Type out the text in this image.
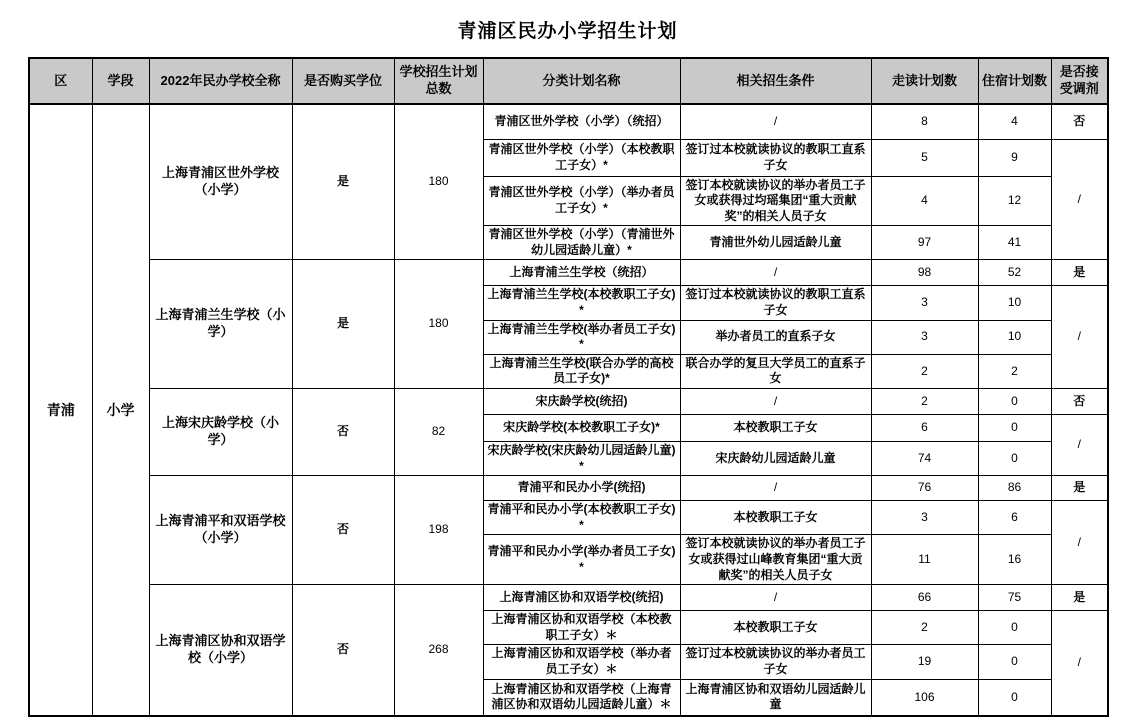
青浦区民办小学招生计划
区	学段	2022年民办学校全称	是否购买学位	学校招生计划总数	分类计划名称	相关招生条件	走读计划数	住宿计划数	是否接受调剂
青浦	小学	上海青浦区世外学校（小学）	是	180	青浦区世外学校（小学）（统招）	/	8	4	否
					青浦区世外学校（小学）（本校教职工子女）*	签订过本校就读协议的教职工直系子女	5	9	/
					青浦区世外学校（小学）（举办者员工子女）*	签订本校就读协议的举办者员工子女或获得过均瑶集团“重大贡献奖”的相关人员子女	4	12	
					青浦区世外学校（小学）（青浦世外幼儿园适龄儿童）*	青浦世外幼儿园适龄儿童	97	41	
		上海青浦兰生学校（小学）	是	180	上海青浦兰生学校（统招）	/	98	52	是
					上海青浦兰生学校(本校教职工子女)*	签订过本校就读协议的教职工直系子女	3	10	/
					上海青浦兰生学校(举办者员工子女)*	举办者员工的直系子女	3	10	
					上海青浦兰生学校(联合办学的高校员工子女)*	联合办学的复旦大学员工的直系子女	2	2	
		上海宋庆龄学校（小学）	否	82	宋庆龄学校(统招)	/	2	0	否
					宋庆龄学校(本校教职工子女)*	本校教职工子女	6	0	/
					宋庆龄学校(宋庆龄幼儿园适龄儿童)*	宋庆龄幼儿园适龄儿童	74	0	
		上海青浦平和双语学校（小学）	否	198	青浦平和民办小学(统招)	/	76	86	是
					青浦平和民办小学(本校教职工子女)*	本校教职工子女	3	6	/
					青浦平和民办小学(举办者员工子女)*	签订本校就读协议的举办者员工子女或获得过山峰教育集团“重大贡献奖”的相关人员子女	11	16	
		上海青浦区协和双语学校（小学）	否	268	上海青浦区协和双语学校(统招)	/	66	75	是
					上海青浦区协和双语学校（本校教职工子女）＊	本校教职工子女	2	0	/
					上海青浦区协和双语学校（举办者员工子女）＊	签订过本校就读协议的举办者员工子女	19	0	
					上海青浦区协和双语学校（上海青浦区协和双语幼儿园适龄儿童）＊	上海青浦区协和双语幼儿园适龄儿童	106	0	
